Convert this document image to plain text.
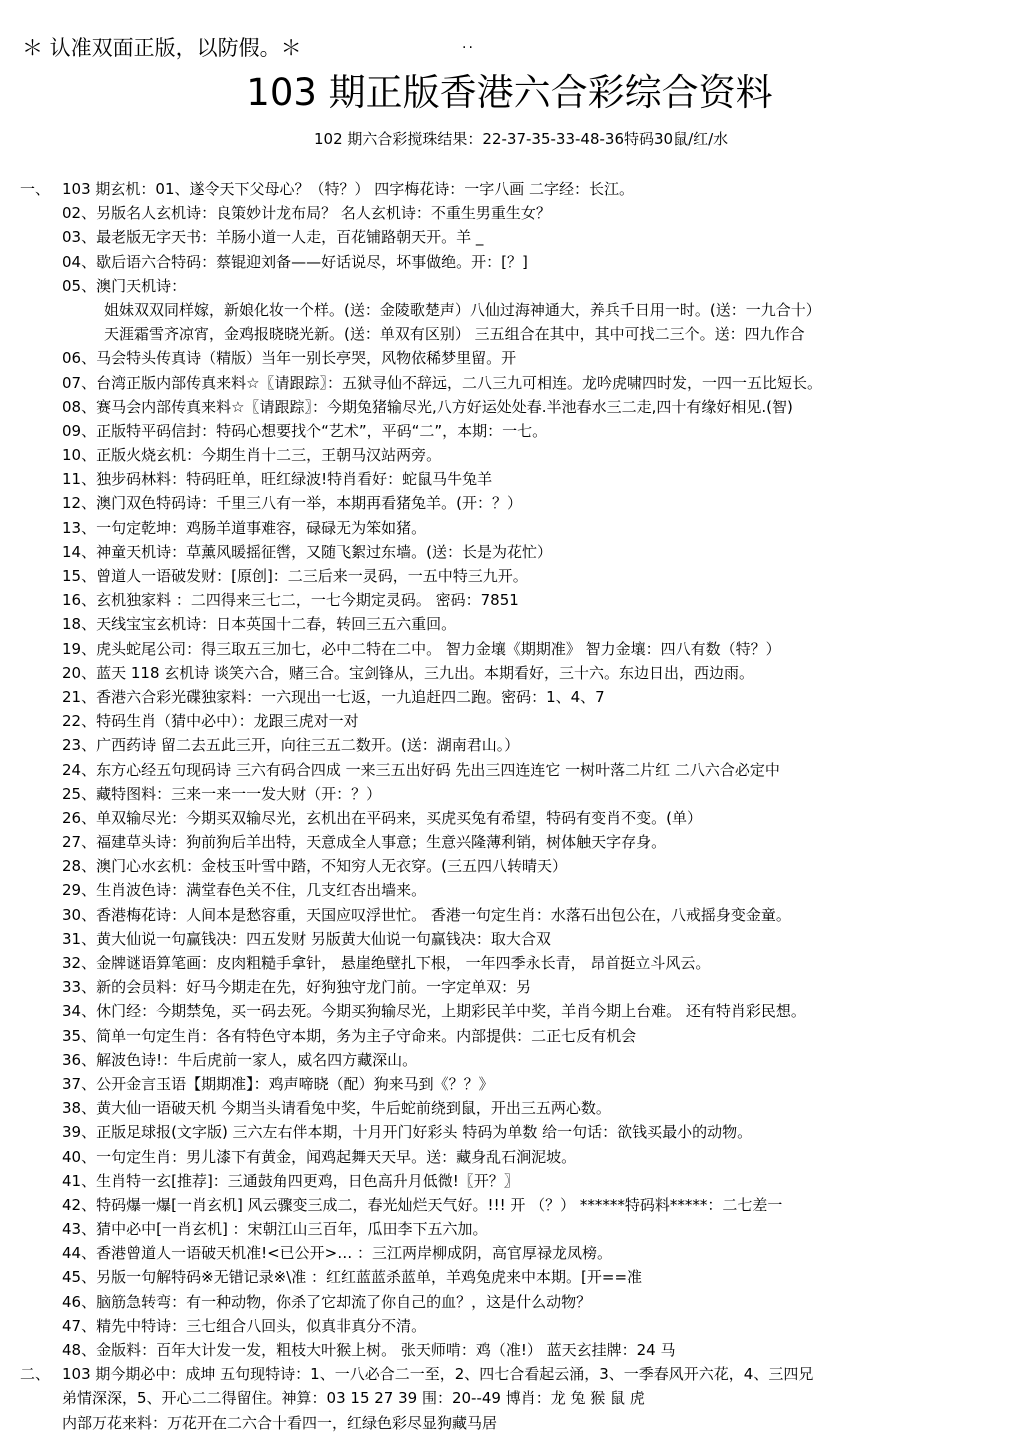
＊ 认准双面正版，以防假。＊	..
103 期正版香港六合彩综合资料
102 期六合彩搅珠结果：22-37-35-33-48-36特码30鼠/红/水
一、 103 期玄机：01、遂令天下父母心？（特？） 四字梅花诗：一字八画 二字经：长江。
02、另版名人玄机诗：良策妙计龙布局？ 名人玄机诗：不重生男重生女？
03、最老版无字天书：羊肠小道一人走，百花铺路朝天开。羊 _
04、歇后语六合特码：蔡锟迎刘备——好话说尽，坏事做绝。开：[？]
05、澳门天机诗：
姐妹双双同样嫁，新娘化妆一个样。(送：金陵歌楚声）八仙过海神通大，养兵千日用一时。(送：一九合十）
天涯霜雪齐凉宵，金鸡报晓晓光新。(送：单双有区别） 三五组合在其中，其中可找二三个。送：四九作合
06、马会特头传真诗（精版）当年一别长亭哭，风物依稀梦里留。开
07、台湾正版内部传真来料☆〖请跟踪〗：五狱寻仙不辞远，二八三九可相连。龙吟虎啸四时发，一四一五比短长。
08、赛马会内部传真来料☆〖请跟踪〗：今期兔猪输尽光,八方好运处处春.半池春水三二走,四十有缘好相见.(智)
09、正版特平码信封：特码心想要找个“艺术”，平码“二”，本期：一七。
10、正版火烧玄机：今期生肖十二三，王朝马汉站两旁。
11、独步码林料：特码旺单，旺红绿波!特肖看好：蛇鼠马牛兔羊
12、澳门双色特码诗：千里三八有一举，本期再看猪兔羊。(开：？）
13、一句定乾坤：鸡肠羊道事难容，碌碌无为笨如猪。
14、神童天机诗：草薰风暖摇征辔，又随飞絮过东墙。(送：长是为花忙）
15、曾道人一语破发财：[原创]：二三后来一灵码，一五中特三九开。
16、玄机独家料 ：二四得来三七二，一七今期定灵码。 密码：7851
18、天线宝宝玄机诗：日本英国十二春，转回三五六重回。
19、虎头蛇尾公司：得三取五三加七，必中二特在二中。 智力金壤《期期准》 智力金壤：四八有数（特？）
20、蓝天 118 玄机诗 谈笑六合，赌三合。宝剑锋从，三九出。本期看好，三十六。东边日出，西边雨。
21、香港六合彩光碟独家料：一六现出一七返，一九追赶四二跑。密码：1、4、7
22、特码生肖（猜中必中）：龙跟三虎对一对
23、广西药诗 留二去五此三开，向往三五二数开。(送：湖南君山。）
24、东方心经五句现码诗 三六有码合四成 一来三五出好码 先出三四连连它 一树叶落二片红 二八六合必定中
25、藏特图料：三来一来一一发大财（开：？）
26、单双输尽光：今期买双输尽光，玄机出在平码来，买虎买兔有希望，特码有变肖不变。(单）
27、福建草头诗：狗前狗后羊出特，天意成全人事意；生意兴隆薄利销，树体触天字存身。
28、澳门心水玄机：金枝玉叶雪中踏，不知穷人无衣穿。(三五四八转晴天）
29、生肖波色诗：满堂春色关不住，几支红杏出墙来。
30、香港梅花诗：人间本是愁容重，天国应叹浮世忙。 香港一句定生肖：水落石出包公在，八戒摇身变金童。
31、黄大仙说一句赢钱决：四五发财 另版黄大仙说一句赢钱决：取大合双
32、金牌谜语算笔画：皮肉粗糙手拿针， 悬崖绝壁扎下根， 一年四季永长青， 昂首挺立斗风云。
33、新的会员料：好马今期走在先，好狗独守龙门前。一字定单双：另
34、休门经：今期禁兔，买一码去死。今期买狗输尽光，上期彩民羊中奖，羊肖今期上台难。 还有特肖彩民想。
35、简单一句定生肖：各有特色守本期，务为主子守命来。内部提供：二正七反有机会
36、解波色诗!：牛后虎前一家人，威名四方藏深山。
37、公开金言玉语【期期准】：鸡声啼晓（配）狗来马到《？？》
38、黄大仙一语破天机 今期当头请看兔中奖，牛后蛇前绕到鼠，开出三五两心数。
39、正版足球报(文字版) 三六左右伴本期，十月开门好彩头 特码为单数 给一句话：欲钱买最小的动物。
40、一句定生肖：男儿漆下有黄金，闻鸡起舞天天早。送：藏身乱石涧泥坡。
41、生肖特一玄[推荐]：三通鼓角四更鸡，日色高升月低微!〖开？〗
42、特码爆一爆[一肖玄机] 风云骤变三成二，春光灿烂天气好。!!! 开 （？） ******特码料*****：二七差一
43、猜中必中[一肖玄机] ：宋朝江山三百年，瓜田李下五六加。
44、香港曾道人一语破天机准!<已公开>… ：三江两岸柳成阴，高官厚禄龙凤榜。
45、另版一句解特码※无错记录※\准 ：红红蓝蓝杀蓝单，羊鸡兔虎来中本期。[开==准
46、脑筋急转弯：有一种动物，你杀了它却流了你自己的血？，这是什么动物？
47、精先中特诗：三七组合八回头，似真非真分不清。
48、金版料：百年大计发一发，粗枝大叶猴上树。 张天师啃：鸡（准!） 蓝天玄挂牌：24 马
二、 103 期今期必中：成坤 五句现特诗：1、一八必合二一至，2、四七合看起云涌，3、一季春风开六花，4、三四兄
弟情深深，5、开心二二得留住。神算：03 15 27 39 围：20--49 博肖：龙 兔 猴 鼠 虎
内部万花来料：万花开在二六合十看四一，红绿色彩尽显狗藏马居
